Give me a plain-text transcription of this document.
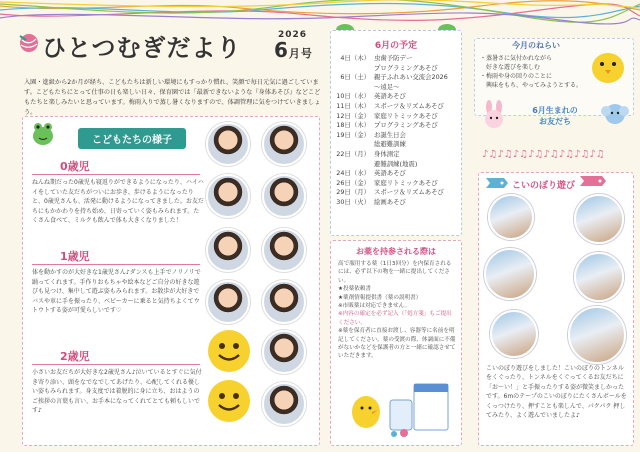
ひとつむぎだより	2026
6月号
入園・進級から2か月が経ち、こどもたちは新しい環境にもすっかり慣れ、笑顔で毎日元気に過ごしています。こどもたちにとって仕事の日も楽しい日々、保育園では「最新できないような『身体あそび』などこどもたちと楽しみたいと思っています。梅雨入りで蒸し暑くなりますので、体調管理に気をつけていきましょう。
こどもたちの様子
0歳児
ねんね期だった0歳児も寝返りができるようになったり、ハイハイをしていた友だちがついにお歩き、歩けるようになったりと、0歳児さんも、活発に動けるようになってきました。お友だちにもかかわりを持ち始め、日寄っていく姿もみられます。たくさん食べて、ミルクも飲んで体も大きくなりました！
1歳児
体を動かすのが大好きな1歳児さん♪ダンスも上手でノリノリで踊ってくれます。手作りおもちゃや絵本などご自分の好きな遊びも見つけ、集中して遊ぶ姿もみられます。お散歩が大好きでバスや車に手を振ったり、ベビーカーに乗ると気持ちよくてウトウトする姿が可愛らしいです♡
2歳児
小さいお友だちが大好きな2歳児さん♪泣いているとすぐに気付き寄り添い、頭をなでなでしてあげたり、心配してくれる優しい姿もみられます。身支度では着脱的に身に立ち、おはようのご挨拶の言葉も言い、お手本になってくれてとても頼もしいです♪
6月の予定
4日（木） 虫歯予防デー
プログラミングあそび
6日（土） 親子ふれあい交流会2026
～遠足～
10日（水） 英語あそび
11日（木） スポーツ＆リズムあそび
12日（金） 家庭リトミックあそび
18日（木） プログラミングあそび
19日（金） お誕生日会
総避難訓練
22日（月） 身体測定
避難訓練(地震)
24日（水） 英語あそび
26日（金） 家庭リトミックあそび
29日（月） スポーツ＆リズムあそび
30日（火） 絵画あそび
お薬を持参される際は
高で服用する薬（1日3回分）を内保育されるには、必ず以下の物を一緒に提出してください。
★投薬依頼書
★薬剤情報提供書（薬の説明書）
※市販薬は対応できません。
※内容の確定を必ず記入（「処方箋」もご提出ください。
※薬を保育者に直接お渡し、容器等に名前を明記してください。薬の受渡の際、体調面に不備がないかなどを保護者の方と一緒に確認させていただきます。
今月のねらい
・蒸暑さに気付かれながら
　好きな遊びを楽しむ
・梅雨や身の回りのことに
　興味をもち、やってみようとする。
6月生まれの
お友だち
♪♫♪♫♪♫♪♫♪♫♪♫♪♫♪♫
こいのぼり遊び
こいのぼり遊びをしました！こいのぼりのトンネルをくぐったり、トンネルをくぐってくるお友だちに「お～い！」と手振ったりする姿が微笑ましかったです。6mのテープのこいのぼりにたくさんボールを くっつけたり、押すことも楽しんで、パクパク 押してみたり、よく遊んでいましたよ♪
